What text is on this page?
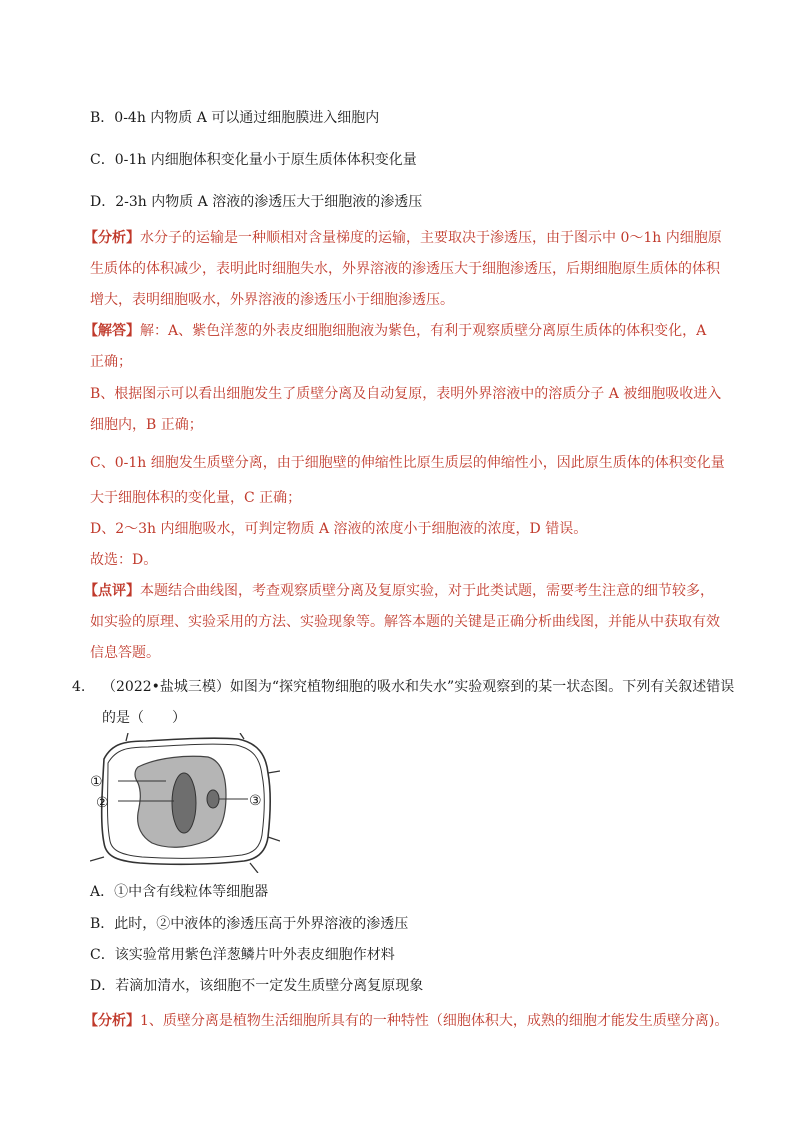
B．0-4h 内物质 A 可以通过细胞膜进入细胞内
C．0-1h 内细胞体积变化量小于原生质体体积变化量
D．2-3h 内物质 A 溶液的渗透压大于细胞液的渗透压
【分析】水分子的运输是一种顺相对含量梯度的运输，主要取决于渗透压，由于图示中 0～1h 内细胞原
生质体的体积减少，表明此时细胞失水，外界溶液的渗透压大于细胞渗透压，后期细胞原生质体的体积
增大，表明细胞吸水，外界溶液的渗透压小于细胞渗透压。
【解答】解：A、紫色洋葱的外表皮细胞细胞液为紫色，有利于观察质壁分离原生质体的体积变化，A
正确；
B、根据图示可以看出细胞发生了质壁分离及自动复原，表明外界溶液中的溶质分子 A 被细胞吸收进入
细胞内，B 正确；
C、0-1h 细胞发生质壁分离，由于细胞壁的伸缩性比原生质层的伸缩性小，因此原生质体的体积变化量
大于细胞体积的变化量，C 正确；
D、2～3h 内细胞吸水，可判定物质 A 溶液的浓度小于细胞液的浓度，D 错误。
故选：D。
【点评】本题结合曲线图，考查观察质壁分离及复原实验，对于此类试题，需要考生注意的细节较多，
如实验的原理、实验采用的方法、实验现象等。解答本题的关键是正确分析曲线图，并能从中获取有效
信息答题。
4. （2022•盐城三模）如图为“探究植物细胞的吸水和失水”实验观察到的某一状态图。下列有关叙述错误
的是（　　）
①
②	③
A．①中含有线粒体等细胞器
B．此时，②中液体的渗透压高于外界溶液的渗透压
C．该实验常用紫色洋葱鳞片叶外表皮细胞作材料
D．若滴加清水，该细胞不一定发生质壁分离复原现象
【分析】1、质壁分离是植物生活细胞所具有的一种特性（细胞体积大，成熟的细胞才能发生质壁分离)。
